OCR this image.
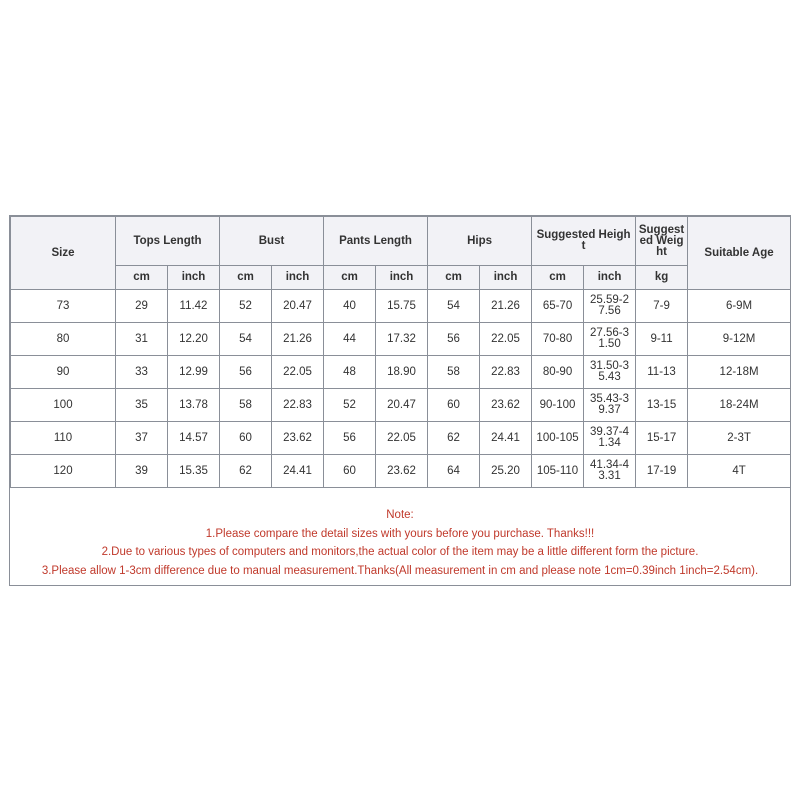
Size	Tops Length		Bust		Pants Length		Hips		Suggested Height		Suggested Weight	Suitable Age
	cm	inch	cm	inch	cm	inch	cm	inch	cm	inch	kg	
73	29	11.42	52	20.47	40	15.75	54	21.26	65-70	25.59-27.56	7-9	6-9M
80	31	12.20	54	21.26	44	17.32	56	22.05	70-80	27.56-31.50	9-11	9-12M
90	33	12.99	56	22.05	48	18.90	58	22.83	80-90	31.50-35.43	11-13	12-18M
100	35	13.78	58	22.83	52	20.47	60	23.62	90-100	35.43-39.37	13-15	18-24M
110	37	14.57	60	23.62	56	22.05	62	24.41	100-105	39.37-41.34	15-17	2-3T
120	39	15.35	62	24.41	60	23.62	64	25.20	105-110	41.34-43.31	17-19	4T
Note:
1.Please compare the detail sizes with yours before you purchase. Thanks!!!
2.Due to various types of computers and monitors,the actual color of the item may be a little different form the picture.
3.Please allow 1-3cm difference due to manual measurement.Thanks(All measurement in cm and please note 1cm=0.39inch 1inch=2.54cm).
